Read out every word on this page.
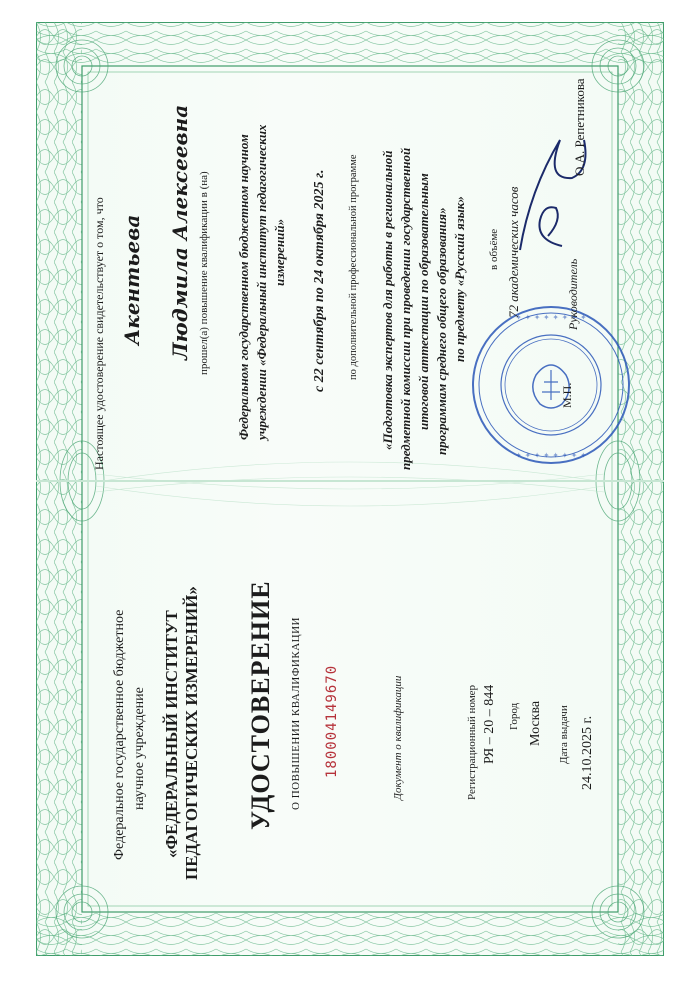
✦ ✦ ✦ ✦ ✦ ✦ ✦ ✦
✦ ✦ ✦ ✦ ✦ ✦ ✦ ✦
Настоящее удостоверение свидетельствует о том, что Акентьева Людмила Алексеевна прошел(а) повышение квалификации в (на) Федеральном государственном бюджетном научном учреждении «Федеральный институт педагогических измерений» с 22 сентября по 24 октября 2025 г. по дополнительной профессиональной программе «Подготовка экспертов для работы в региональной предметной комиссии при проведении государственной итоговой аттестации по образовательным программам среднего общего образования» по предмету «Русский язык» в объёме 72 академических часов	Руководитель
О.А. Репетникова
М.П.
Федеральное государственное бюджетное научное учреждение «ФЕДЕРАЛЬНЫЙ ИНСТИТУТ ПЕДАГОГИЧЕСКИХ ИЗМЕРЕНИЙ» УДОСТОВЕРЕНИЕ О ПОВЫШЕНИИ КВАЛИФИКАЦИИ 180004149670	Документ о квалификации	Регистрационный номер РЯ – 20 – 844 Город Москва Дата выдачи 24.10.2025 г.
